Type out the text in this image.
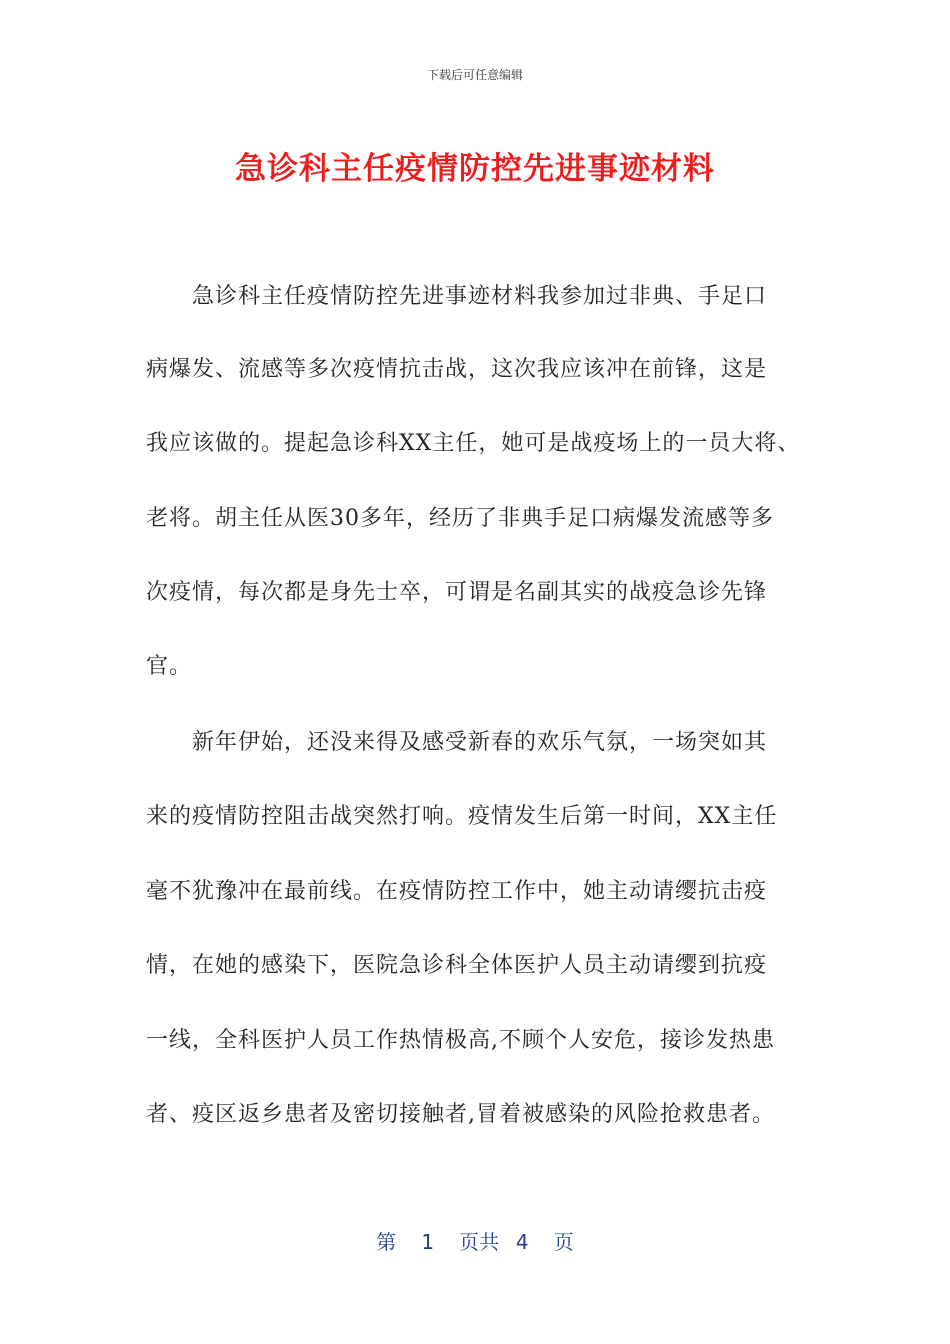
下载后可任意编辑
急诊科主任疫情防控先进事迹材料
急诊科主任疫情防控先进事迹材料我参加过非典、手足口
病爆发、流感等多次疫情抗击战，这次我应该冲在前锋，这是
我应该做的。提起急诊科XX主任，她可是战疫场上的一员大将、
老将。胡主任从医30多年，经历了非典手足口病爆发流感等多
次疫情，每次都是身先士卒，可谓是名副其实的战疫急诊先锋
官。
新年伊始，还没来得及感受新春的欢乐气氛，一场突如其
来的疫情防控阻击战突然打响。疫情发生后第一时间，XX主任
毫不犹豫冲在最前线。在疫情防控工作中，她主动请缨抗击疫
情，在她的感染下，医院急诊科全体医护人员主动请缨到抗疫
一线，全科医护人员工作热情极高,不顾个人安危，接诊发热患
者、疫区返乡患者及密切接触者,冒着被感染的风险抢救患者。
第 1 页共 4 页
